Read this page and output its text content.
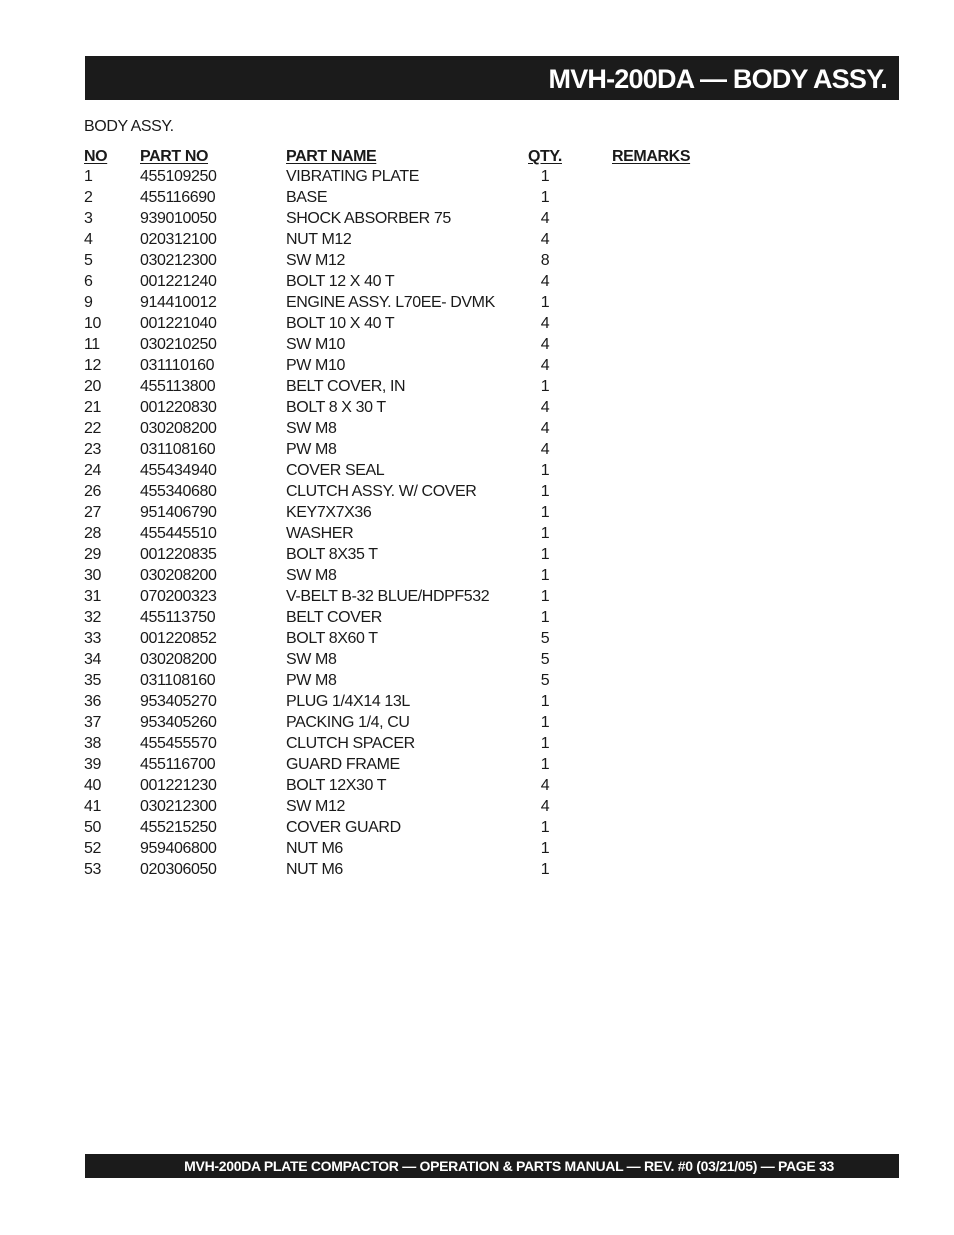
MVH-200DA — BODY ASSY.
BODY ASSY.
NO PART NO	PART NAME	QTY.	REMARKS
1	455109250	VIBRATING PLATE	1
2	455116690	BASE	1
3	939010050	SHOCK ABSORBER 75	4
4	020312100	NUT M12	4
5	030212300	SW M12	8
6	001221240	BOLT 12 X 40 T	4
9	914410012	ENGINE ASSY. L70EE- DVMK	1
10 001221040	BOLT 10 X 40 T	4
11	030210250	SW M10	4
12 031110160	PW M10	4
20 455113800	BELT COVER, IN	1
21 001220830	BOLT 8 X 30 T	4
22 030208200	SW M8	4
23 031108160	PW M8	4
24 455434940	COVER SEAL	1
26 455340680	CLUTCH ASSY. W/ COVER	1
27 951406790	KEY7X7X36	1
28 455445510	WASHER	1
29 001220835	BOLT 8X35 T	1
30 030208200	SW M8	1
31 070200323	V-BELT B-32 BLUE/HDPF532	1
32 455113750	BELT COVER	1
33 001220852	BOLT 8X60 T	5
34 030208200	SW M8	5
35 031108160	PW M8	5
36 953405270	PLUG 1/4X14 13L	1
37 953405260	PACKING 1/4, CU	1
38 455455570	CLUTCH SPACER	1
39 455116700	GUARD FRAME	1
40 001221230	BOLT 12X30 T	4
41 030212300	SW M12	4
50 455215250	COVER GUARD	1
52 959406800	NUT M6	1
53 020306050	NUT M6	1
MVH-200DA PLATE COMPACTOR — OPERATION & PARTS MANUAL — REV. #0 (03/21/05) — PAGE 33
